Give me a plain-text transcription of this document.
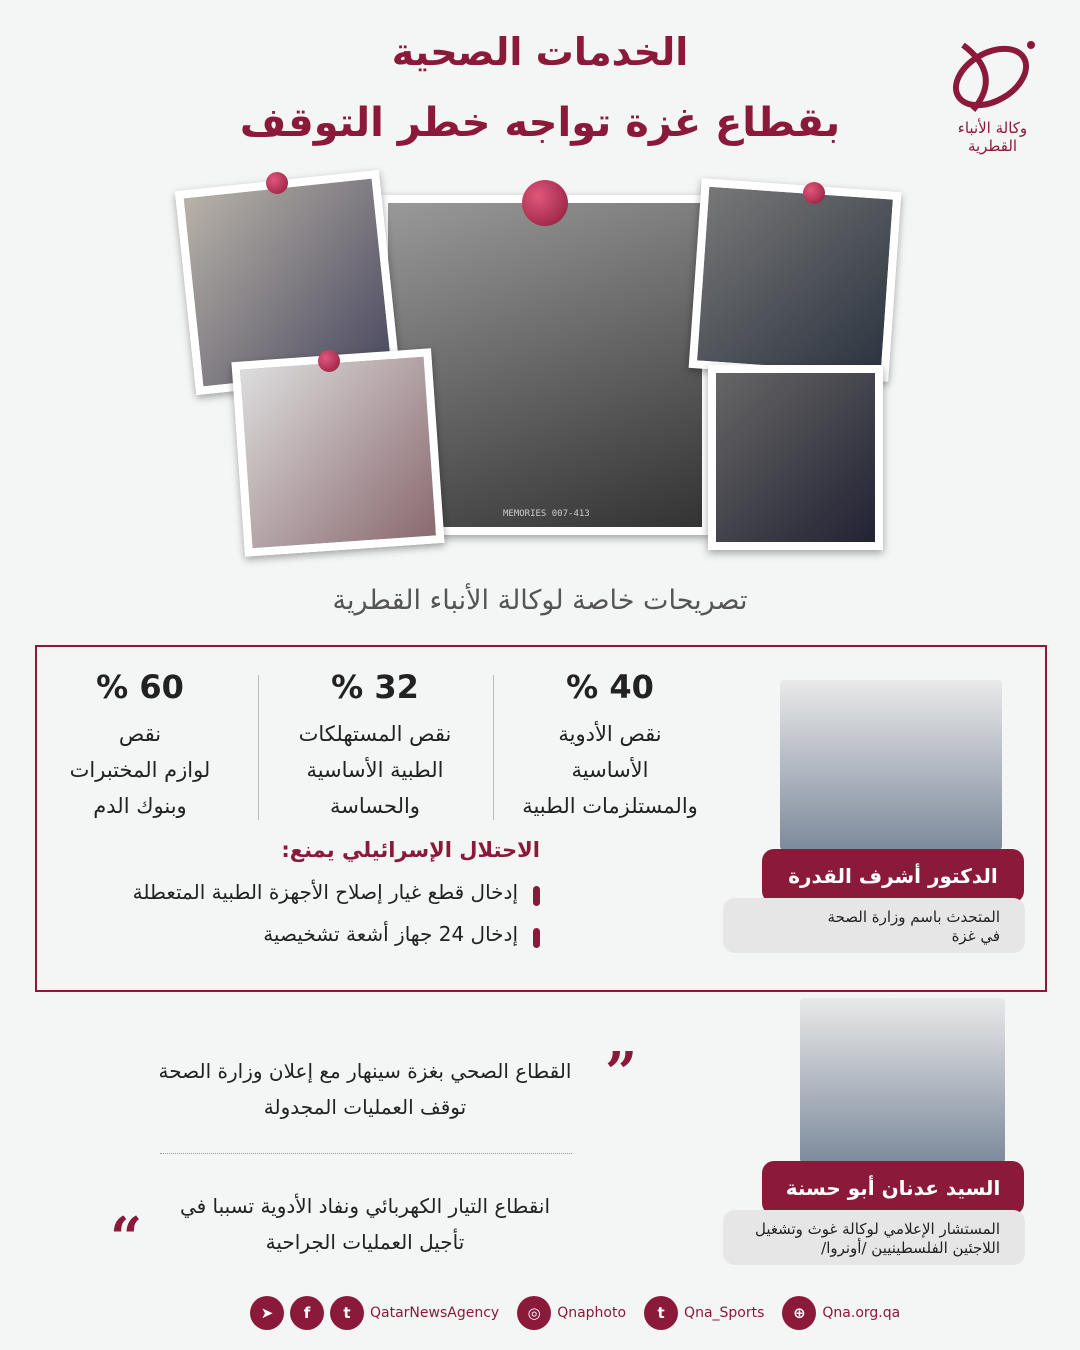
الخدمات الصحية
بقطاع غزة تواجه خطر التوقف	وكالة الأنباء
القطرية
MEMORIES 007-413
تصريحات خاصة لوكالة الأنباء القطرية
% 40
نقص الأدوية
الأساسية
والمستلزمات الطبية
% 32
نقص المستهلكات
الطبية الأساسية
والحساسة
% 60
نقص
لوازم المختبرات
وبنوك الدم
الاحتلال الإسرائيلي يمنع:
إدخال قطع غيار إصلاح الأجهزة الطبية المتعطلة
إدخال 24 جهاز أشعة تشخيصية
الدكتور أشرف القدرة
المتحدث باسم وزارة الصحة
في غزة
السيد عدنان أبو حسنة
المستشار الإعلامي لوكالة غوث وتشغيل
اللاجئين الفلسطينيين /أونروا/
”
القطاع الصحي بغزة سينهار مع إعلان وزارة الصحة
توقف العمليات المجدولة
انقطاع التيار الكهربائي ونفاد الأدوية تسببا في
تأجيل العمليات الجراحية
“
➤	f	t	QatarNewsAgency	◎	Qnaphoto	t	Qna_Sports	⊕	Qna.org.qa
